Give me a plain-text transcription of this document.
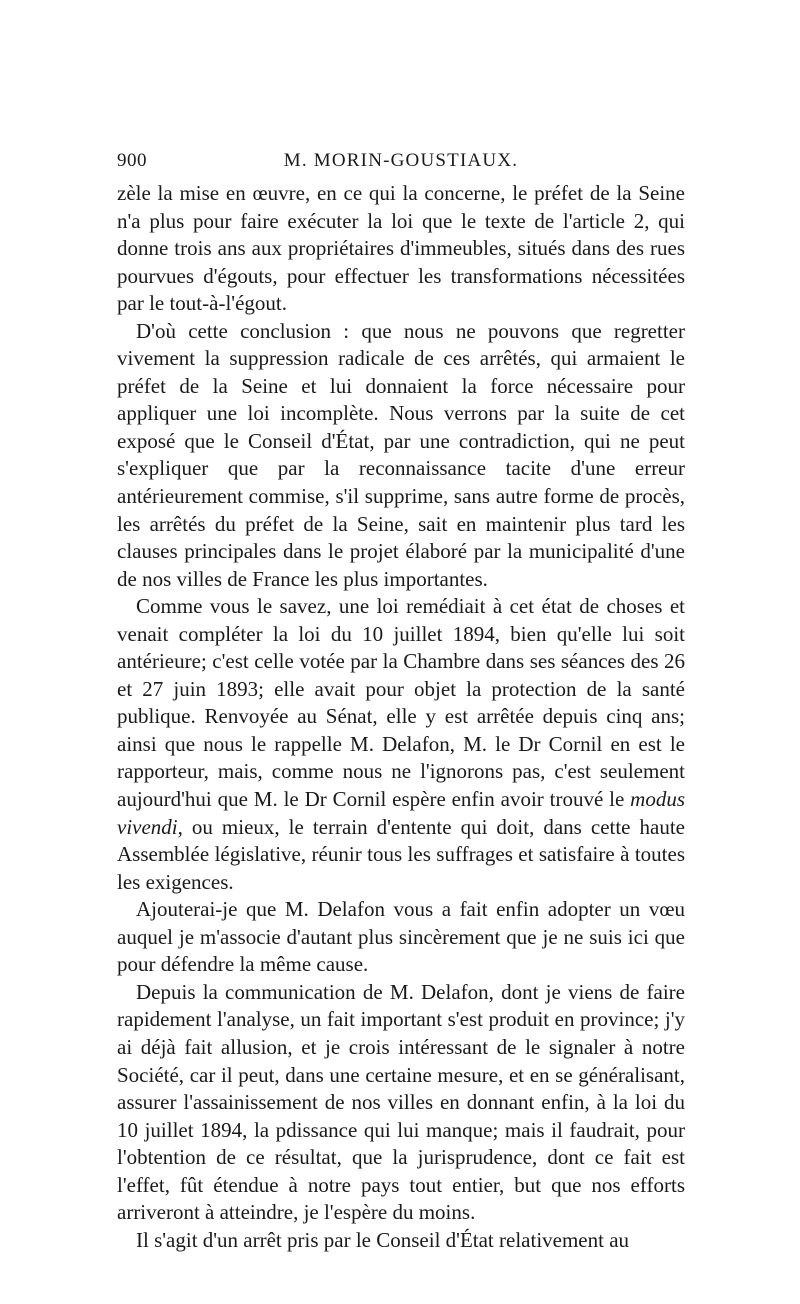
900	M. MORIN-GOUSTIAUX.

zèle la mise en œuvre, en ce qui la concerne, le préfet de la Seine n'a plus pour faire exécuter la loi que le texte de l'article 2, qui donne trois ans aux propriétaires d'immeubles, situés dans des rues pourvues d'égouts, pour effectuer les transformations nécessitées par le tout-à-l'égout.

D'où cette conclusion : que nous ne pouvons que regretter vivement la suppression radicale de ces arrêtés, qui armaient le préfet de la Seine et lui donnaient la force nécessaire pour appliquer une loi incomplète. Nous verrons par la suite de cet exposé que le Conseil d'État, par une contradiction, qui ne peut s'expliquer que par la reconnaissance tacite d'une erreur antérieurement commise, s'il supprime, sans autre forme de procès, les arrêtés du préfet de la Seine, sait en maintenir plus tard les clauses principales dans le projet élaboré par la municipalité d'une de nos villes de France les plus importantes.

Comme vous le savez, une loi remédiait à cet état de choses et venait compléter la loi du 10 juillet 1894, bien qu'elle lui soit antérieure; c'est celle votée par la Chambre dans ses séances des 26 et 27 juin 1893; elle avait pour objet la protection de la santé publique. Renvoyée au Sénat, elle y est arrêtée depuis cinq ans; ainsi que nous le rappelle M. Delafon, M. le Dr Cornil en est le rapporteur, mais, comme nous ne l'ignorons pas, c'est seulement aujourd'hui que M. le Dr Cornil espère enfin avoir trouvé le modus vivendi, ou mieux, le terrain d'entente qui doit, dans cette haute Assemblée législative, réunir tous les suffrages et satisfaire à toutes les exigences.

Ajouterai-je que M. Delafon vous a fait enfin adopter un vœu auquel je m'associe d'autant plus sincèrement que je ne suis ici que pour défendre la même cause.

Depuis la communication de M. Delafon, dont je viens de faire rapidement l'analyse, un fait important s'est produit en province; j'y ai déjà fait allusion, et je crois intéressant de le signaler à notre Société, car il peut, dans une certaine mesure, et en se généralisant, assurer l'assainissement de nos villes en donnant enfin, à la loi du 10 juillet 1894, la pdissance qui lui manque; mais il faudrait, pour l'obtention de ce résultat, que la jurisprudence, dont ce fait est l'effet, fût étendue à notre pays tout entier, but que nos efforts arriveront à atteindre, je l'espère du moins.

Il s'agit d'un arrêt pris par le Conseil d'État relativement au
